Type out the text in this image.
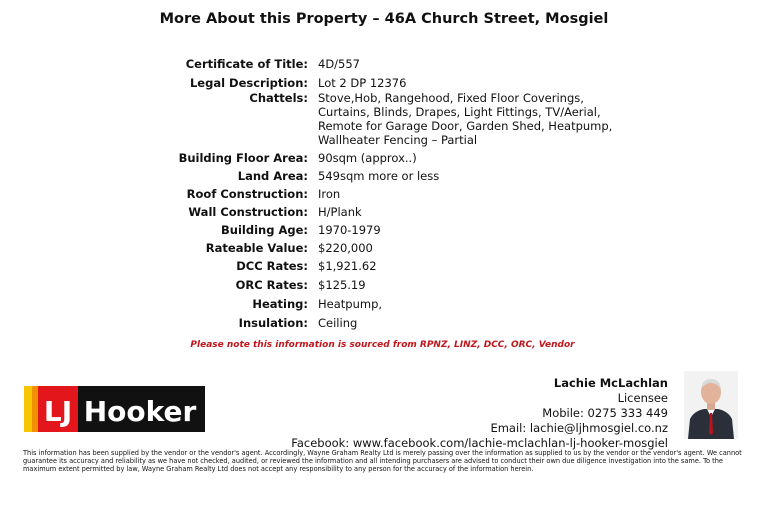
More About this Property – 46A Church Street, Mosgiel
Certificate of Title: 4D/557
Legal Description: Lot 2 DP 12376
Chattels: Stove,Hob, Rangehood, Fixed Floor Coverings, Curtains, Blinds, Drapes, Light Fittings, TV/Aerial, Remote for Garage Door, Garden Shed, Heatpump, Wallheater Fencing – Partial
Building Floor Area: 90sqm (approx..)
Land Area: 549sqm more or less
Roof Construction: Iron
Wall Construction: H/Plank
Building Age: 1970-1979
Rateable Value: $220,000
DCC Rates: $1,921.62
ORC Rates: $125.19
Heating: Heatpump,
Insulation: Ceiling
Please note this information is sourced from RPNZ, LINZ, DCC, ORC, Vendor
LJ Hooker
Lachie McLachlan
Licensee
Mobile: 0275 333 449
Email: lachie@ljhmosgiel.co.nz
Facebook: www.facebook.com/lachie-mclachlan-lj-hooker-mosgiel
This information has been supplied by the vendor or the vendor's agent. Accordingly, Wayne Graham Realty Ltd is merely passing over the information as supplied to us by the vendor or the vendor's agent. We cannot guarantee its accuracy and reliability as we have not checked, audited, or reviewed the information and all intending purchasers are advised to conduct their own due diligence investigation into the same. To the maximum extent permitted by law, Wayne Graham Realty Ltd does not accept any responsibility to any person for the accuracy of the information herein.
